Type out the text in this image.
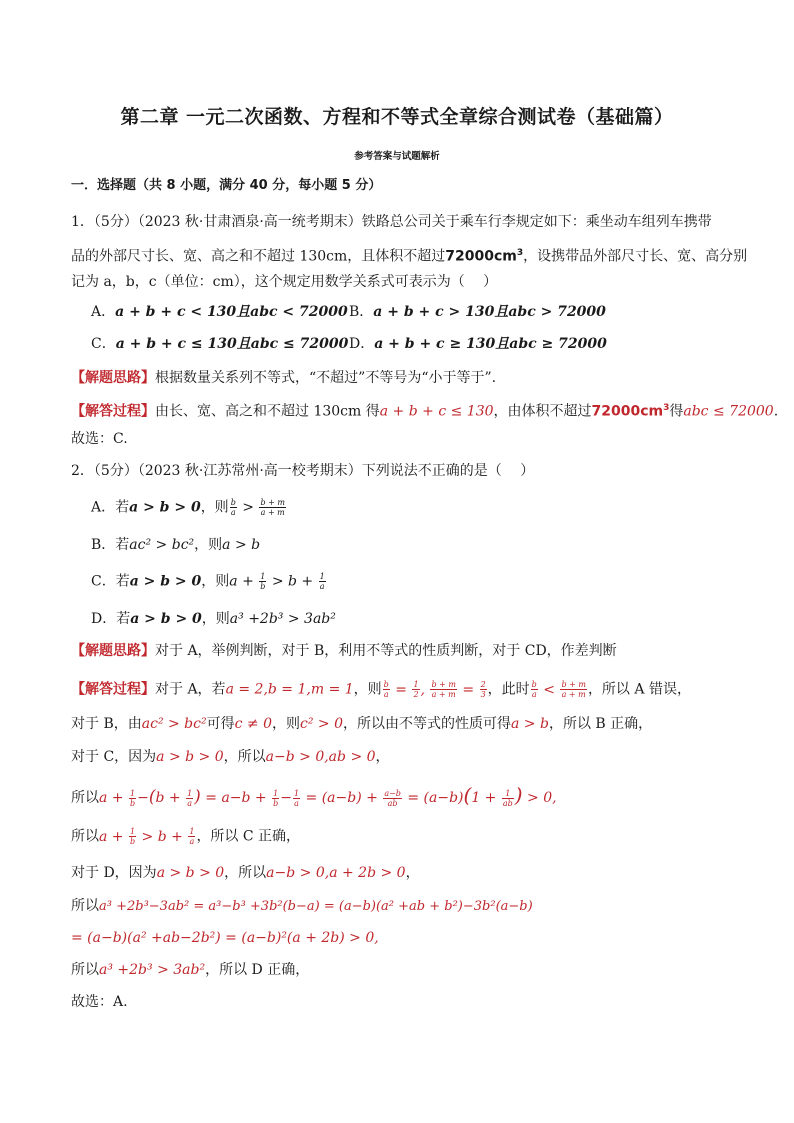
第二章 一元二次函数、方程和不等式全章综合测试卷（基础篇）
参考答案与试题解析
一．选择题（共 8 小题，满分 40 分，每小题 5 分）
1．（5分）（2023 秋·甘肃酒泉·高一统考期末）铁路总公司关于乘车行李规定如下：乘坐动车组列车携带
品的外部尺寸长、宽、高之和不超过 130cm，且体积不超过$72000cm^3$，设携带品外部尺寸长、宽、高分别
记为 a，b，c（单位：cm），这个规定用数学关系式可表示为（　 ）
A．a + b + c < 130且abc < 72000 B．a + b + c > 130且abc > 72000
C．a + b + c ≤ 130且abc ≤ 72000 D．a + b + c ≥ 130且abc ≥ 72000
【解题思路】根据数量关系列不等式，“不超过”不等号为“小于等于”.
【解答过程】由长、宽、高之和不超过 130cm 得a + b + c ≤ 130，由体积不超过$72000cm^3$得abc ≤ 72000.
故选：C.
2．（5分）（2023 秋·江苏常州·高一校考期末）下列说法不正确的是（　 ）
A．若a > b > 0，则 $\frac{b}{a} > \frac{b + m}{a + m}$
B．若ac² > bc²，则a > b
C．若a > b > 0，则$a + \frac{1}{b} > b + \frac{1}{a}$
D．若a > b > 0，则a³ +2b³ > 3ab²
【解题思路】对于 A，举例判断，对于 B，利用不等式的性质判断，对于 CD，作差判断
【解答过程】对于 A，若a = 2,b = 1,m = 1，则 $\frac{b}{a} = \frac{1}{2}$ , $\frac{b + m}{a + m} = \frac{2}{3}$ ，此时 $\frac{b}{a} < \frac{b + m}{a + m}$ ，所以 A 错误，
对于 B，由ac² > bc²可得c ≠ 0，则c² > 0，所以由不等式的性质可得a > b，所以 B 正确，
对于 C，因为a > b > 0，所以a−b > 0,ab > 0，
所以$a + \frac{1}{b} -(b + \frac{1}{a}$ ) = $a-b + \frac{1}{b} - \frac{1}{a} = (a-b) + \frac{a-b}{ab} = (a-b)(1 + \frac{1}{ab}$ ) > 0,
所以$a + \frac{1}{b} > b + \frac{1}{a}$ ，所以 C 正确，
对于 D，因为a > b > 0，所以a−b > 0,a + 2b > 0，
所以a³ +2b³−3ab² = a³−b³ +3b²(b−a) = (a−b)(a² +ab + b²)−3b²(a−b)
= (a−b)(a² +ab−2b²) = (a−b)²(a + 2b) > 0,
所以a³ +2b³ > 3ab²，所以 D 正确，
故选：A.
